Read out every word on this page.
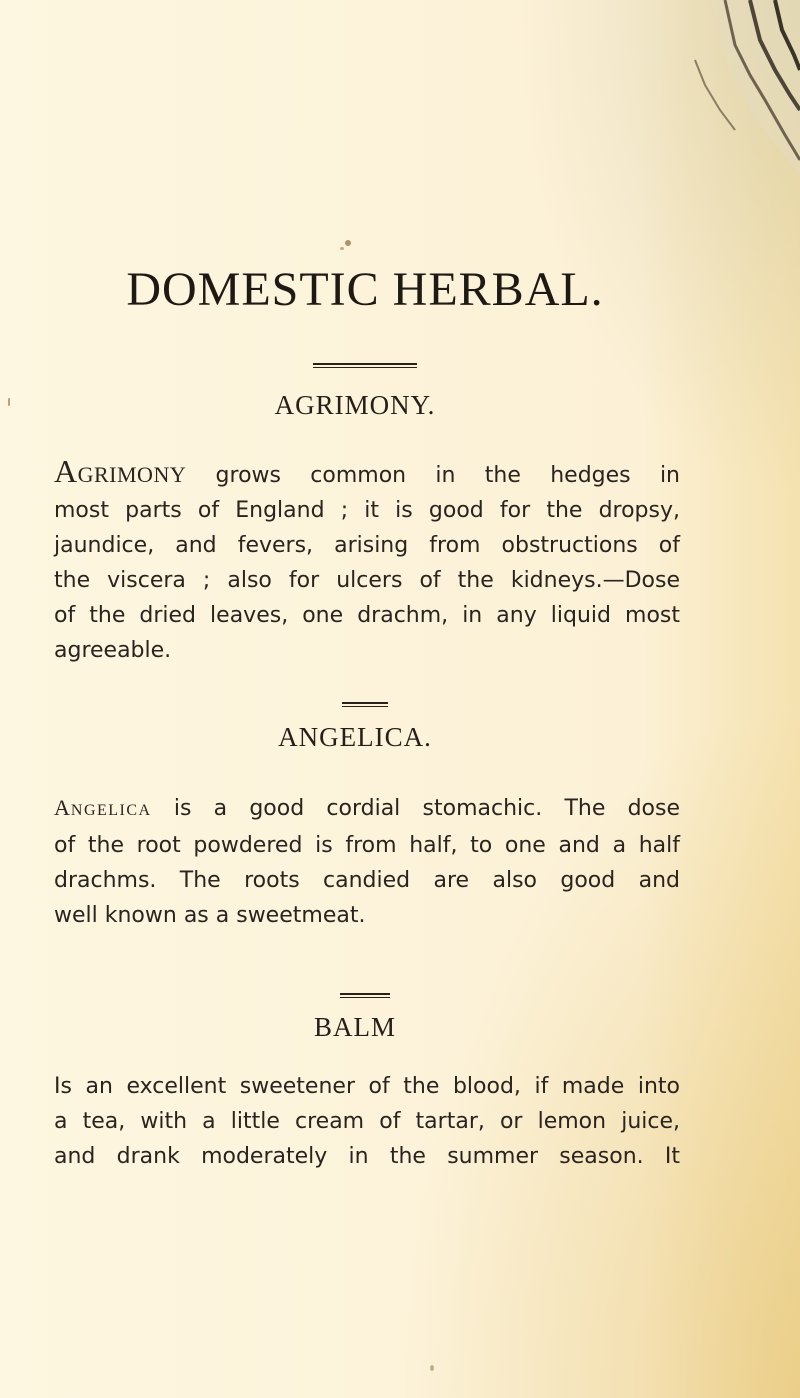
DOMESTIC HERBAL.
AGRIMONY.
AGRIMONY grows common in the hedges in
most parts of England ; it is good for the dropsy,
jaundice, and fevers, arising from obstructions of
the viscera ; also for ulcers of the kidneys.—Dose
of the dried leaves, one drachm, in any liquid most
agreeable.
ANGELICA.
ANGELICA is a good cordial stomachic. The dose
of the root powdered is from half, to one and a half
drachms. The roots candied are also good and
well known as a sweetmeat.
BALM
Is an excellent sweetener of the blood, if made into
a tea, with a little cream of tartar, or lemon juice,
and drank moderately in the summer season. It
